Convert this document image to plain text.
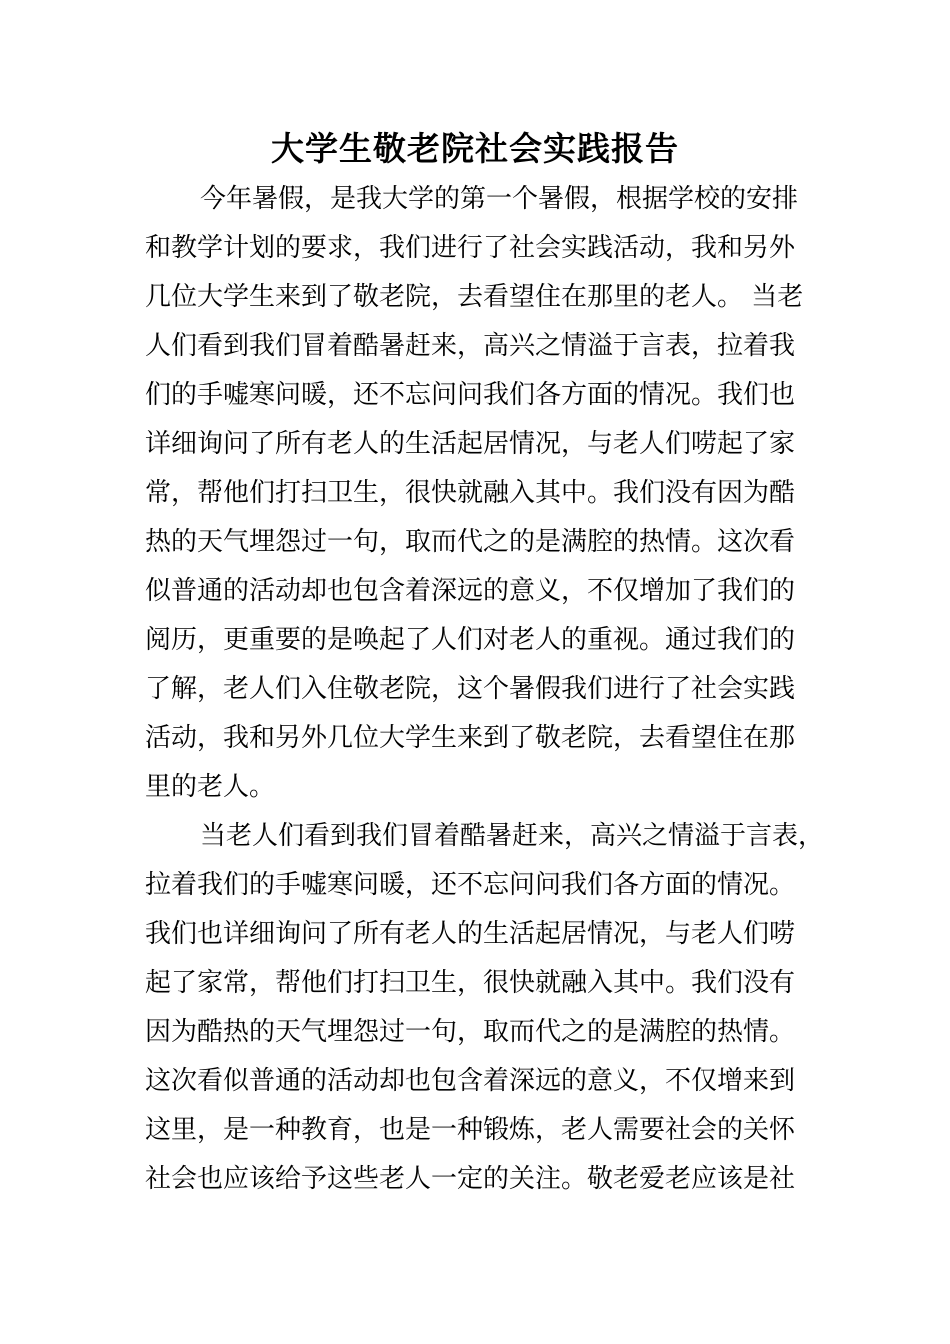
大学生敬老院社会实践报告
今年暑假，是我大学的第一个暑假，根据学校的安排
和教学计划的要求，我们进行了社会实践活动，我和另外
几位大学生来到了敬老院，去看望住在那里的老人。 当老
人们看到我们冒着酷暑赶来，高兴之情溢于言表，拉着我
们的手嘘寒问暖，还不忘问问我们各方面的情况。我们也
详细询问了所有老人的生活起居情况，与老人们唠起了家
常，帮他们打扫卫生，很快就融入其中。我们没有因为酷
热的天气埋怨过一句，取而代之的是满腔的热情。这次看
似普通的活动却也包含着深远的意义，不仅增加了我们的
阅历，更重要的是唤起了人们对老人的重视。通过我们的
了解，老人们入住敬老院，这个暑假我们进行了社会实践
活动，我和另外几位大学生来到了敬老院，去看望住在那
里的老人。
当老人们看到我们冒着酷暑赶来，高兴之情溢于言表，
拉着我们的手嘘寒问暖，还不忘问问我们各方面的情况。
我们也详细询问了所有老人的生活起居情况，与老人们唠
起了家常，帮他们打扫卫生，很快就融入其中。我们没有
因为酷热的天气埋怨过一句，取而代之的是满腔的热情。
这次看似普通的活动却也包含着深远的意义，不仅增来到
这里，是一种教育，也是一种锻炼，老人需要社会的关怀
社会也应该给予这些老人一定的关注。敬老爱老应该是社
